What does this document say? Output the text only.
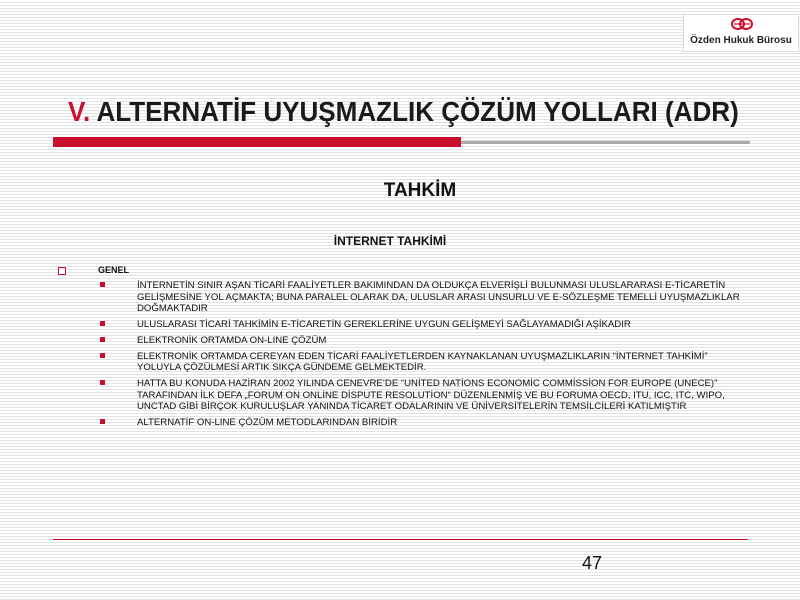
Özden Hukuk Bürosu
V. ALTERNATİF UYUŞMAZLIK ÇÖZÜM YOLLARI (ADR)
TAHKİM
İNTERNET TAHKİMİ
GENEL
İNTERNETİN SINIR AŞAN TİCARİ FAALİYETLER BAKIMINDAN DA OLDUKÇA ELVERİŞLİ BULUNMASI ULUSLARARASI E-TİCARETİN GELİŞMESİNE YOL AÇMAKTA; BUNA PARALEL OLARAK DA, ULUSLAR ARASI UNSURLU VE E-SÖZLEŞME TEMELLİ UYUŞMAZLIKLAR DOĞMAKTADIR
ULUSLARASI TİCARİ TAHKİMİN E-TİCARETİN GEREKLERİNE UYGUN GELİŞMEYİ SAĞLAYAMADIĞI AŞİKADIR
ELEKTRONİK ORTAMDA ON-LINE ÇÖZÜM
ELEKTRONİK ORTAMDA CEREYAN EDEN TİCARİ FAALİYETLERDEN KAYNAKLANAN UYUŞMAZLIKLARIN “İNTERNET TAHKİMİ” YOLUYLA ÇÖZÜLMESİ ARTIK SIKÇA GÜNDEME GELMEKTEDİR.
HATTA BU KONUDA HAZİRAN 2002 YILINDA CENEVRE’DE “UNİTED NATİONS ECONOMİC COMMİSSİON FOR EUROPE (UNECE)” TARAFINDAN İLK DEFA „FORUM ON ONLİNE DİSPUTE RESOLUTİON“ DÜZENLENMİŞ VE BU FORUMA OECD, ITU, ICC, ITC, WIPO, UNCTAD GİBİ BİRÇOK KURULUŞLAR YANINDA TİCARET ODALARININ VE ÜNİVERSİTELERİN TEMSİLCİLERİ KATILMIŞTIR
ALTERNATİF ON-LINE ÇÖZÜM METODLARINDAN BİRİDİR
47
